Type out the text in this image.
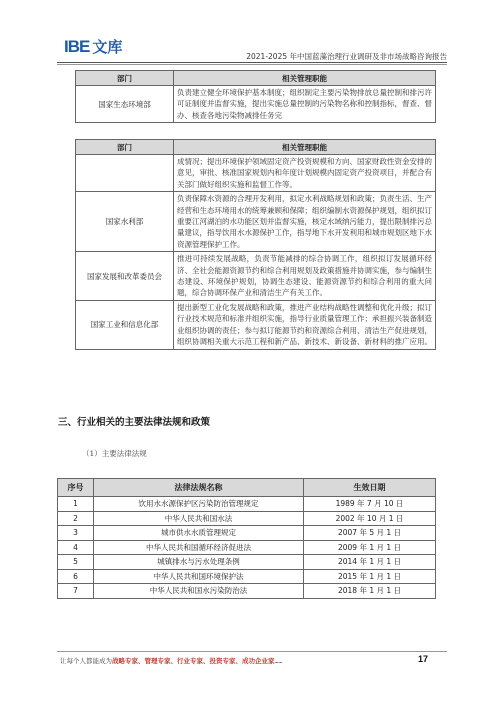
IBE 文库
2021-2025 年中国蓝藻治理行业调研及非市场战略咨询报告
部门	相关管理职能
国家生态环境部	负责建立健全环境保护基本制度；组织制定主要污染物排放总量控制和排污许可证制度并监督实施，提出实施总量控制的污染物名称和控制指标，督查、督办、核查各地污染物减排任务完
部门	相关管理职能
	成情况；提出环境保护领域固定资产投资规模和方向、国家财政性资金安排的意见，审批、核准国家规划内和年度计划规模内固定资产投资项目，并配合有关部门做好组织实施和监督工作等。
国家水利部	负责保障水资源的合理开发利用，拟定水利战略规划和政策；负责生活、生产经营和生态环境用水的统筹兼顾和保障；组织编制水资源保护规划，组织拟订重要江河湖泊的水功能区划并监督实施，核定水域纳污能力，提出限制排污总量建议，指导饮用水水源保护工作，指导地下水开发利用和城市规划区地下水资源管理保护工作。
国家发展和改革委员会	推进可持续发展战略，负责节能减排的综合协调工作，组织拟订发展循环经济、全社会能源资源节约和综合利用规划及政策措施并协调实施，参与编制生态建设、环境保护规划，协调生态建设、能源资源节约和综合利用的重大问题，综合协调环保产业和清洁生产有关工作。
国家工业和信息化部	提出新型工业化发展战略和政策，推进产业结构战略性调整和优化升级；拟订行业技术规范和标准并组织实施，指导行业质量管理工作；承担振兴装备制造业组织协调的责任；参与拟订能源节约和资源综合利用、清洁生产促进规划，组织协调相关重大示范工程和新产品、新技术、新设备、新材料的推广应用。
三、行业相关的主要法律法规和政策
（1）主要法律法规
序号	法律法规名称	生效日期
1	饮用水水源保护区污染防治管理规定	1989 年 7 月 10 日
2	中华人民共和国水法	2002 年 10 月 1 日
3	城市供水水质管理规定	2007 年 5 月 1 日
4	中华人民共和国循环经济促进法	2009 年 1 月 1 日
5	城镇排水与污水处理条例	2014 年 1 月 1 日
6	中华人民共和国环境保护法	2015 年 1 月 1 日
7	中华人民共和国水污染防治法	2018 年 1 月 1 日
让每个人都能成为战略专家、管理专家、行业专家、投资专家、成功企业家……	17
